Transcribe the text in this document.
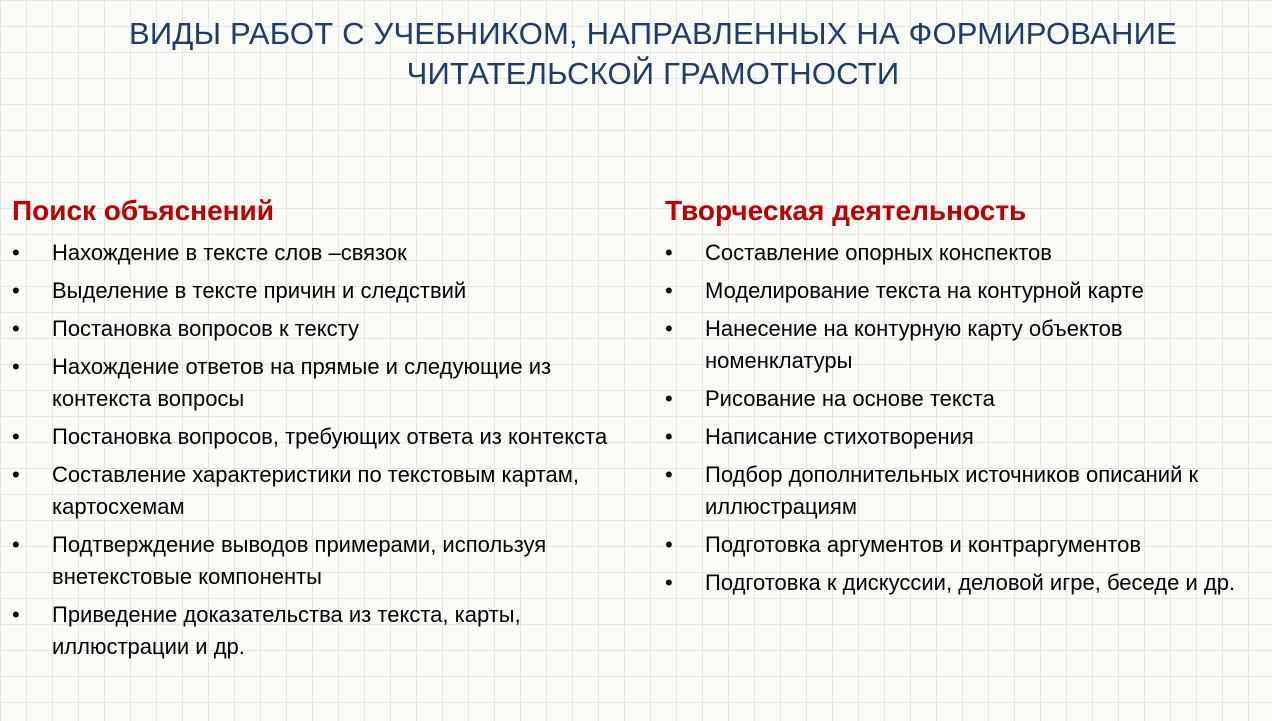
ВИДЫ РАБОТ С УЧЕБНИКОМ, НАПРАВЛЕННЫХ НА ФОРМИРОВАНИЕ
ЧИТАТЕЛЬСКОЙ ГРАМОТНОСТИ
Поиск объяснений
• Нахождение в тексте слов –связок
• Выделение в тексте причин и следствий
• Постановка вопросов к тексту
• Нахождение ответов на прямые и следующие из контекста вопросы
• Постановка вопросов, требующих ответа из контекста
• Составление характеристики по текстовым картам, картосхемам
• Подтверждение выводов примерами, используя внетекстовые компоненты
• Приведение доказательства из текста, карты, иллюстрации и др.
Творческая деятельность
• Составление опорных конспектов
• Моделирование текста на контурной карте
• Нанесение на контурную карту объектов номенклатуры
• Рисование на основе текста
• Написание стихотворения
• Подбор дополнительных источников описаний к иллюстрациям
• Подготовка аргументов и контраргументов
• Подготовка к дискуссии, деловой игре, беседе и др.
